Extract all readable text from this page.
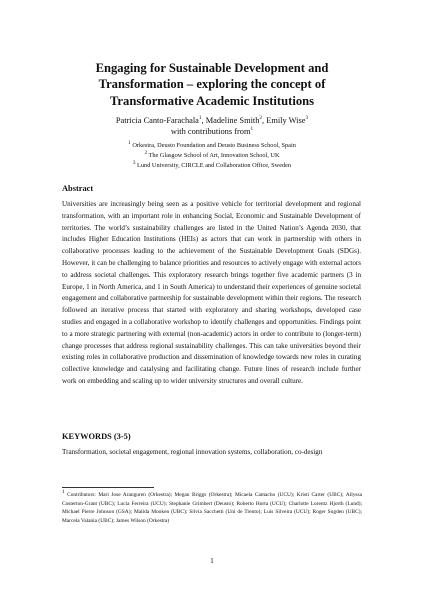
Engaging for Sustainable Development and Transformation – exploring the concept of Transformative Academic Institutions
Patricia Canto-Farachala$^1$, Madeline Smith$^2$, Emily Wise$^3$
with contributions from$^1$
$^1$ Orkestra, Deusto Foundation and Deusto Business School, Spain
$^2$ The Glasgow School of Art, Innovation School, UK
$^3$ Lund University, CIRCLE and Collaboration Office, Sweden
Abstract
Universities are increasingly being seen as a positive vehicle for territorial development and regional transformation, with an important role in enhancing Social, Economic and Sustainable Development of territories. The world’s sustainability challenges are listed in the United Nation’s Agenda 2030, that includes Higher Education Institutions (HEIs) as actors that can work in partnership with others in collaborative processes leading to the achievement of the Sustainable Development Goals (SDGs). However, it can be challenging to balance priorities and resources to actively engage with external actors to address societal challenges. This exploratory research brings together five academic partners (3 in Europe, 1 in North America, and 1 in South America) to understand their experiences of genuine societal engagement and collaborative partnership for sustainable development within their regions. The research followed an iterative process that started with exploratory and sharing workshops, developed case studies and engaged in a collaborative workshop to identify challenges and opportunities. Findings point to a more strategic partnering with external (non-academic) actors in order to contribute to (longer-term) change processes that address regional sustainability challenges. This can take universities beyond their existing roles in collaborative production and dissemination of knowledge towards new roles in curating collective knowledge and catalysing and facilitating change. Future lines of research include further work on embedding and scaling up to wider university structures and overall culture.
KEYWORDS (3-5)
Transformation, societal engagement, regional innovation systems, collaboration, co-design
$^1$ Contributors: Mari Jose Aranguren (Orkestra); Megan Briggs (Orkestra); Micaela Camacho (UCU); Kristi Carter (UBC); Allyssa Costerton-Grant (UBC); Lucia Ferreira (UCU); Stephanie Grimbert (Deusto); Roberto Horta (UCU); Charlotte Lorentz Hjorth (Lund); Michael Pierre Johnson (GSA); Malida Mooken (UBC); Silvia Sacchetti (Uni de Trento); Luis Silveira (UCU); Roger Sugden (UBC); Marcela Valania (UBC); James Wilson (Orkestra)
1
